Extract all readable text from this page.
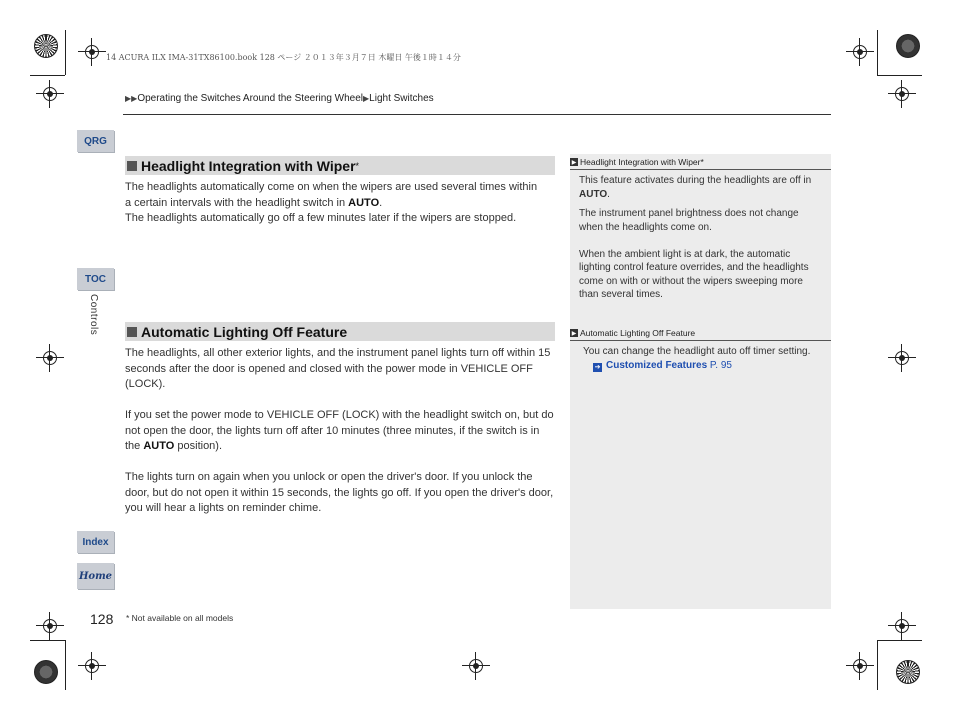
14 ACURA ILX IMA-31TX86100.book 128 ページ ２０１３年３月７日 木曜日 午後１時１４分
▶▶Operating the Switches Around the Steering Wheel▶Light Switches
QRG
TOC
Controls
Index
Home
Headlight Integration with Wiper *

The headlights automatically come on when the wipers are used several times within
a certain intervals with the headlight switch in AUTO.
The headlights automatically go off a few minutes later if the wipers are stopped.

Automatic Lighting Off Feature

The headlights, all other exterior lights, and the instrument panel lights turn off within 15 seconds after the door is opened and closed with the power mode in VEHICLE OFF (LOCK).

If you set the power mode to VEHICLE OFF (LOCK) with the headlight switch on, but do not open the door, the lights turn off after 10 minutes (three minutes, if the switch is in the AUTO position).

The lights turn on again when you unlock or open the driver's door. If you unlock the door, but do not open it within 15 seconds, the lights go off. If you open the driver's door, you will hear a lights on reminder chime.

▶ Headlight Integration with Wiper *

This feature activates during the headlights are off in AUTO.

The instrument panel brightness does not change when the headlights come on.

When the ambient light is at dark, the automatic lighting control feature overrides, and the headlights come on with or without the wipers sweeping more than several times.

▶ Automatic Lighting Off Feature

You can change the headlight auto off timer setting.

➔ Customized Features P. 95

128 * Not available on all models
